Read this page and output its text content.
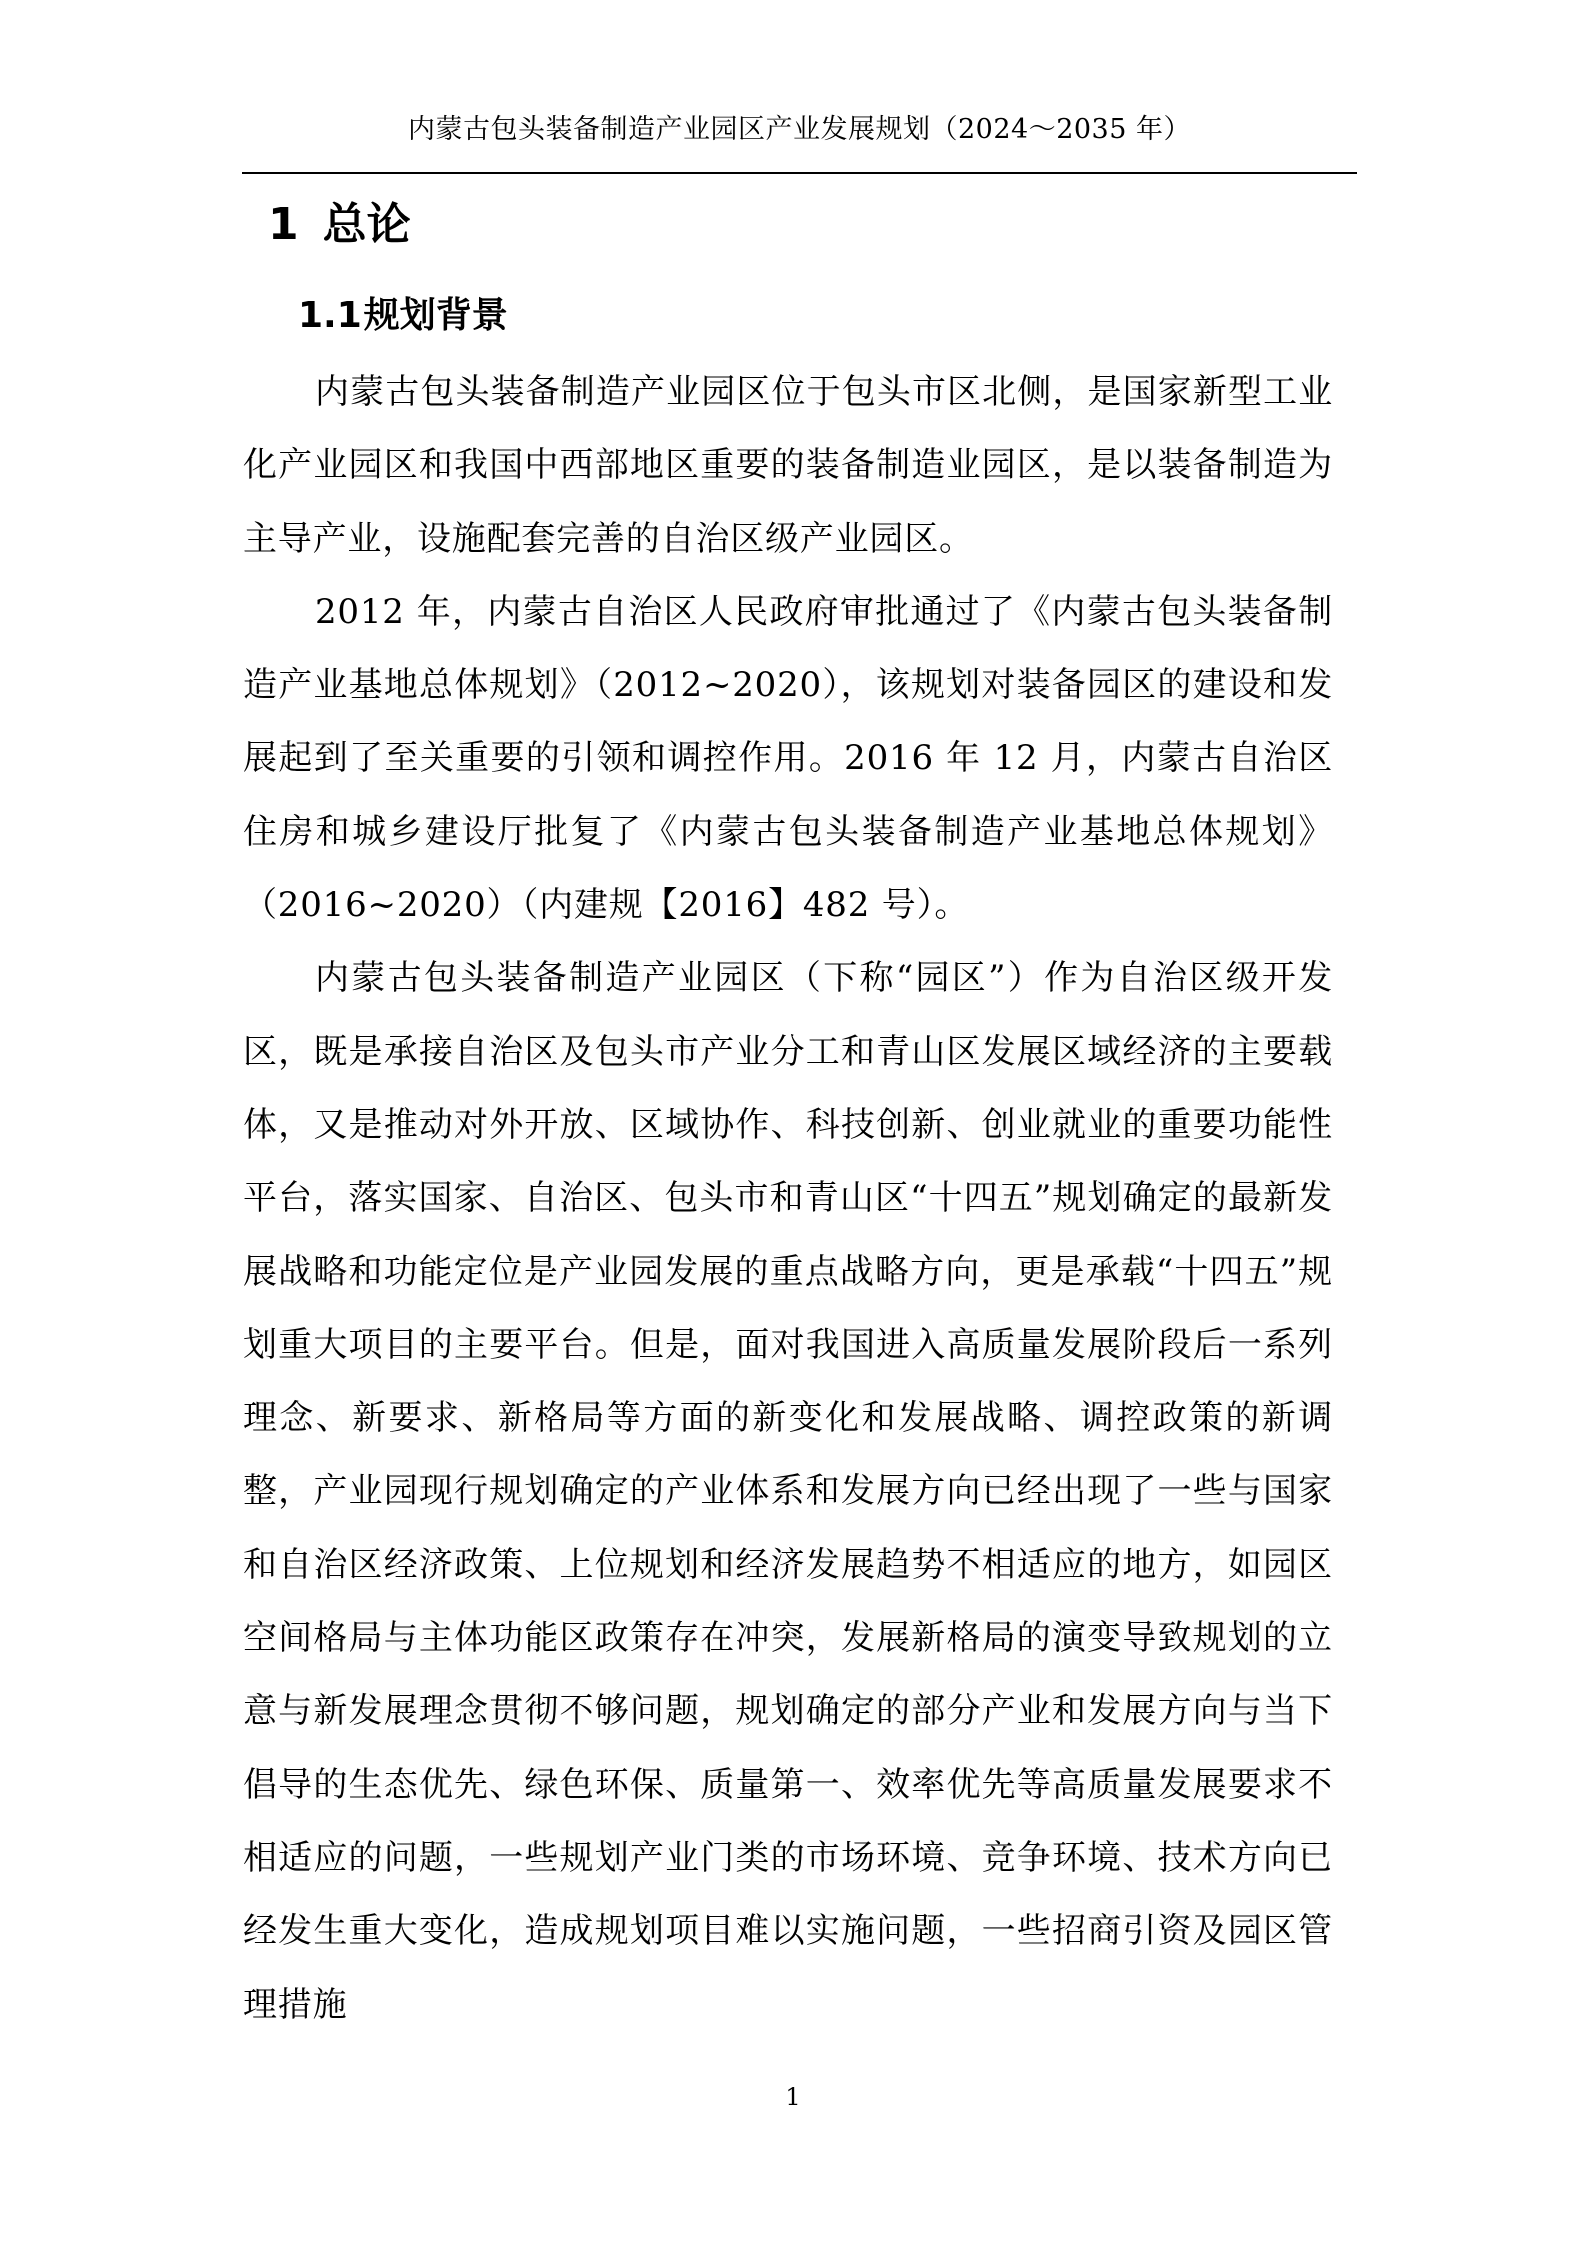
内蒙古包头装备制造产业园区产业发展规划（2024～2035 年）
1 总论
1.1规划背景

内蒙古包头装备制造产业园区位于包头市区北侧，是国家新型工业化产业园区和我国中西部地区重要的装备制造业园区，是以装备制造为主导产业，设施配套完善的自治区级产业园区。

2012 年，内蒙古自治区人民政府审批通过了《内蒙古包头装备制造产业基地总体规划》（2012~2020），该规划对装备园区的建设和发展起到了至关重要的引领和调控作用。2016 年 12 月，内蒙古自治区住房和城乡建设厅批复了《内蒙古包头装备制造产业基地总体规划》（2016~2020）（内建规【2016】482 号）。

内蒙古包头装备制造产业园区（下称“园区”）作为自治区级开发区，既是承接自治区及包头市产业分工和青山区发展区域经济的主要载体，又是推动对外开放、区域协作、科技创新、创业就业的重要功能性平台，落实国家、自治区、包头市和青山区“十四五”规划确定的最新发展战略和功能定位是产业园发展的重点战略方向，更是承载“十四五”规划重大项目的主要平台。但是，面对我国进入高质量发展阶段后一系列理念、新要求、新格局等方面的新变化和发展战略、调控政策的新调整，产业园现行规划确定的产业体系和发展方向已经出现了一些与国家和自治区经济政策、上位规划和经济发展趋势不相适应的地方，如园区空间格局与主体功能区政策存在冲突，发展新格局的演变导致规划的立意与新发展理念贯彻不够问题，规划确定的部分产业和发展方向与当下倡导的生态优先、绿色环保、质量第一、效率优先等高质量发展要求不相适应的问题，一些规划产业门类的市场环境、竞争环境、技术方向已经发生重大变化，造成规划项目难以实施问题，一些招商引资及园区管理措施

1
